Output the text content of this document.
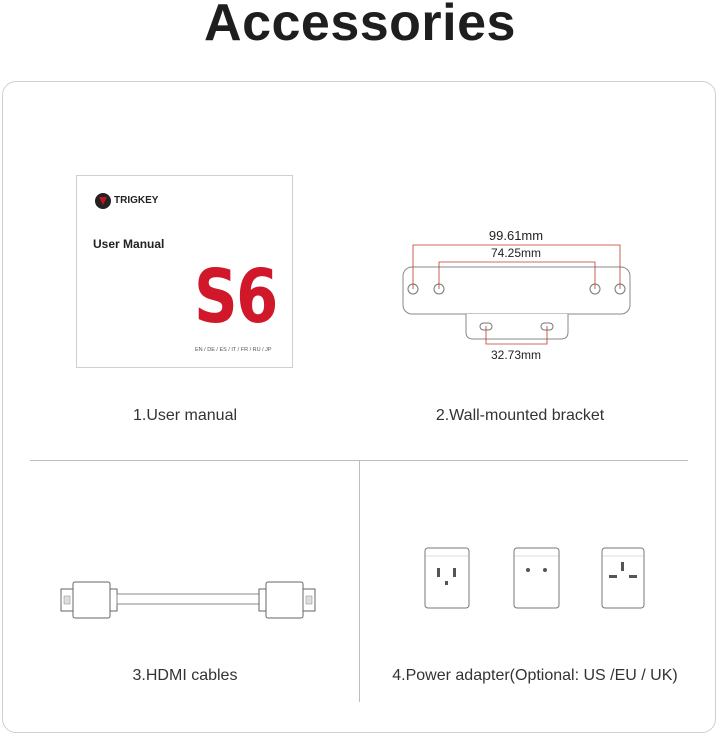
Accessories
TRIGKEY
User Manual
S6
EN / DE / ES / IT / FR / RU / JP
1.User manual
99.61mm
74.25mm
32.73mm
2.Wall-mounted bracket
3.HDMI cables	4.Power adapter(Optional: US /EU / UK)
